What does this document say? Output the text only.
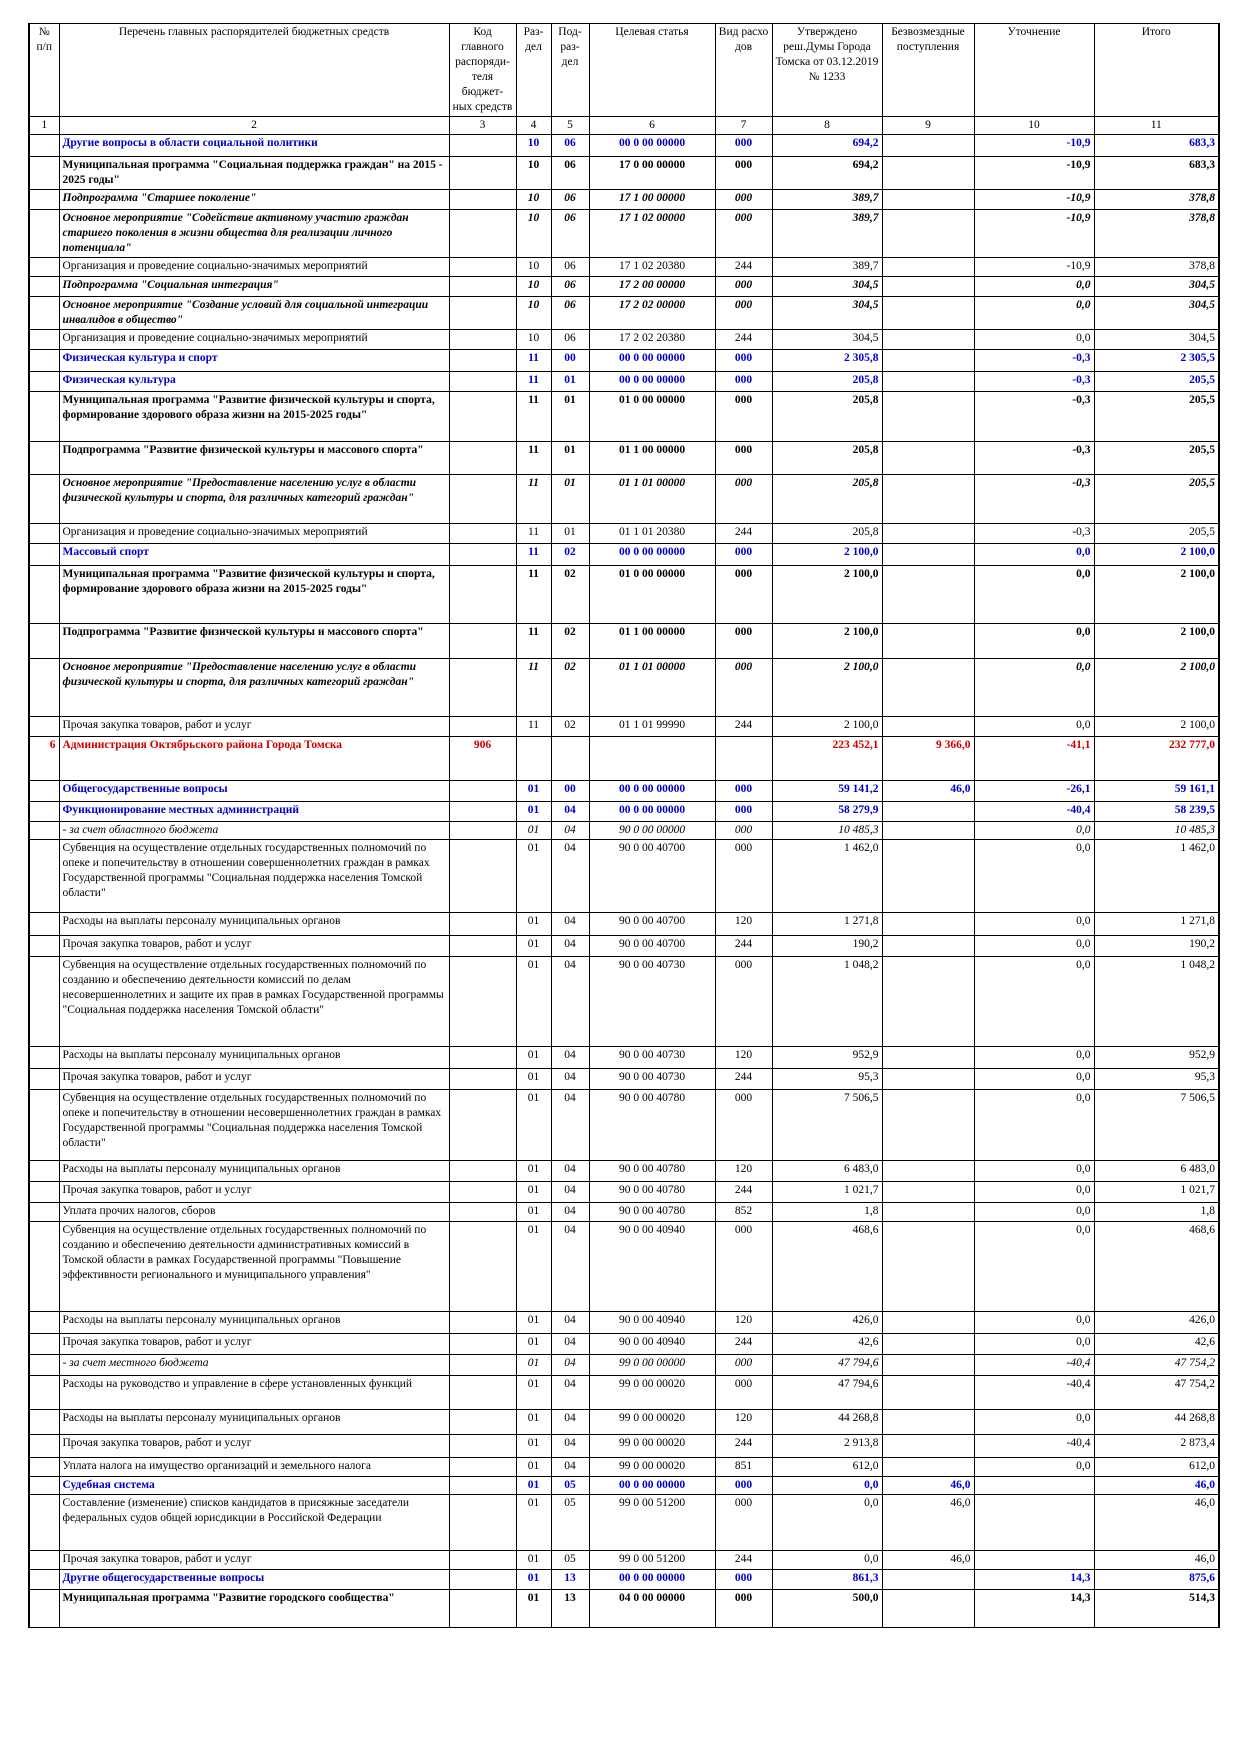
№ п/п	Перечень главных распорядителей бюджетных средств	Код главного распоряди-теля бюджет-ных средств	Раз-дел	Под-раз-дел	Целевая статья	Вид расхо дов	Утверждено реш.Думы Города Томска от 03.12.2019 № 1233	Безвозмездные поступления	Уточнение	Итого
1	2	3	4	5	6	7	8	9	10	11
	Другие вопросы в области социальной политики		10	06	00 0 00 00000	000	694,2		-10,9	683,3
	Муниципальная программа "Социальная поддержка граждан" на 2015 - 2025 годы"		10	06	17 0 00 00000	000	694,2		-10,9	683,3
	Подпрограмма "Старшее поколение"		10	06	17 1 00 00000	000	389,7		-10,9	378,8
	Основное мероприятие "Содействие активному участию граждан старшего поколения в жизни общества для реализации личного потенциала"		10	06	17 1 02 00000	000	389,7		-10,9	378,8
	Организация и проведение социально-значимых мероприятий		10	06	17 1 02 20380	244	389,7		-10,9	378,8
	Подпрограмма "Социальная интеграция"		10	06	17 2 00 00000	000	304,5		0,0	304,5
	Основное мероприятие "Создание условий для социальной интеграции инвалидов в общество"		10	06	17 2 02 00000	000	304,5		0,0	304,5
	Организация и проведение социально-значимых мероприятий		10	06	17 2 02 20380	244	304,5		0,0	304,5
	Физическая культура и спорт		11	00	00 0 00 00000	000	2 305,8		-0,3	2 305,5
	Физическая культура		11	01	00 0 00 00000	000	205,8		-0,3	205,5
	Муниципальная программа "Развитие физической культуры и спорта, формирование здорового образа жизни на 2015-2025 годы"		11	01	01 0 00 00000	000	205,8		-0,3	205,5
	Подпрограмма "Развитие физической культуры и массового спорта"		11	01	01 1 00 00000	000	205,8		-0,3	205,5
	Основное мероприятие "Предоставление населению услуг в области физической культуры и спорта, для различных категорий граждан"		11	01	01 1 01 00000	000	205,8		-0,3	205,5
	Организация и проведение социально-значимых мероприятий		11	01	01 1 01 20380	244	205,8		-0,3	205,5
	Массовый спорт		11	02	00 0 00 00000	000	2 100,0		0,0	2 100,0
	Муниципальная программа "Развитие физической культуры и спорта, формирование здорового образа жизни на 2015-2025 годы"		11	02	01 0 00 00000	000	2 100,0		0,0	2 100,0
	Подпрограмма "Развитие физической культуры и массового спорта"		11	02	01 1 00 00000	000	2 100,0		0,0	2 100,0
	Основное мероприятие "Предоставление населению услуг в области физической культуры и спорта, для различных категорий граждан"		11	02	01 1 01 00000	000	2 100,0		0,0	2 100,0
	Прочая закупка товаров, работ и услуг		11	02	01 1 01 99990	244	2 100,0		0,0	2 100,0
6	Администрация Октябрьского района Города Томска	906					223 452,1	9 366,0	-41,1	232 777,0
	Общегосударственные вопросы		01	00	00 0 00 00000	000	59 141,2	46,0	-26,1	59 161,1
	Функционирование местных администраций		01	04	00 0 00 00000	000	58 279,9		-40,4	58 239,5
	- за счет областного бюджета		01	04	90 0 00 00000	000	10 485,3		0,0	10 485,3
	Субвенция на осуществление отдельных государственных полномочий по опеке и попечительству в отношении совершеннолетних граждан в рамках Государственной программы "Социальная поддержка населения Томской области"		01	04	90 0 00 40700	000	1 462,0		0,0	1 462,0
	Расходы на выплаты персоналу муниципальных органов		01	04	90 0 00 40700	120	1 271,8		0,0	1 271,8
	Прочая закупка товаров, работ и услуг		01	04	90 0 00 40700	244	190,2		0,0	190,2
	Субвенция на осуществление отдельных государственных полномочий по созданию и обеспечению деятельности комиссий по делам несовершеннолетних и защите их прав в рамках Государственной программы "Социальная поддержка населения Томской области"		01	04	90 0 00 40730	000	1 048,2		0,0	1 048,2
	Расходы на выплаты персоналу муниципальных органов		01	04	90 0 00 40730	120	952,9		0,0	952,9
	Прочая закупка товаров, работ и услуг		01	04	90 0 00 40730	244	95,3		0,0	95,3
	Субвенция на осуществление отдельных государственных полномочий по опеке и попечительству в отношении несовершеннолетних граждан в рамках Государственной программы "Социальная поддержка населения Томской области"		01	04	90 0 00 40780	000	7 506,5		0,0	7 506,5
	Расходы на выплаты персоналу муниципальных органов		01	04	90 0 00 40780	120	6 483,0		0,0	6 483,0
	Прочая закупка товаров, работ и услуг		01	04	90 0 00 40780	244	1 021,7		0,0	1 021,7
	Уплата прочих налогов, сборов		01	04	90 0 00 40780	852	1,8		0,0	1,8
	Субвенция на осуществление отдельных государственных полномочий по созданию и обеспечению деятельности административных комиссий в Томской области в рамках Государственной программы "Повышение эффективности регионального и муниципального управления"		01	04	90 0 00 40940	000	468,6		0,0	468,6
	Расходы на выплаты персоналу муниципальных органов		01	04	90 0 00 40940	120	426,0		0,0	426,0
	Прочая закупка товаров, работ и услуг		01	04	90 0 00 40940	244	42,6		0,0	42,6
	- за счет местного бюджета		01	04	99 0 00 00000	000	47 794,6		-40,4	47 754,2
	Расходы на руководство и управление в сфере установленных функций		01	04	99 0 00 00020	000	47 794,6		-40,4	47 754,2
	Расходы на выплаты персоналу муниципальных органов		01	04	99 0 00 00020	120	44 268,8		0,0	44 268,8
	Прочая закупка товаров, работ и услуг		01	04	99 0 00 00020	244	2 913,8		-40,4	2 873,4
	Уплата налога на имущество организаций и земельного налога		01	04	99 0 00 00020	851	612,0		0,0	612,0
	Судебная система		01	05	00 0 00 00000	000	0,0	46,0		46,0
	Составление (изменение) списков кандидатов в присяжные заседатели федеральных судов общей юрисдикции в Российской Федерации		01	05	99 0 00 51200	000	0,0	46,0		46,0
	Прочая закупка товаров, работ и услуг		01	05	99 0 00 51200	244	0,0	46,0		46,0
	Другие общегосударственные вопросы		01	13	00 0 00 00000	000	861,3		14,3	875,6
	Муниципальная программа "Развитие городского сообщества"		01	13	04 0 00 00000	000	500,0		14,3	514,3
